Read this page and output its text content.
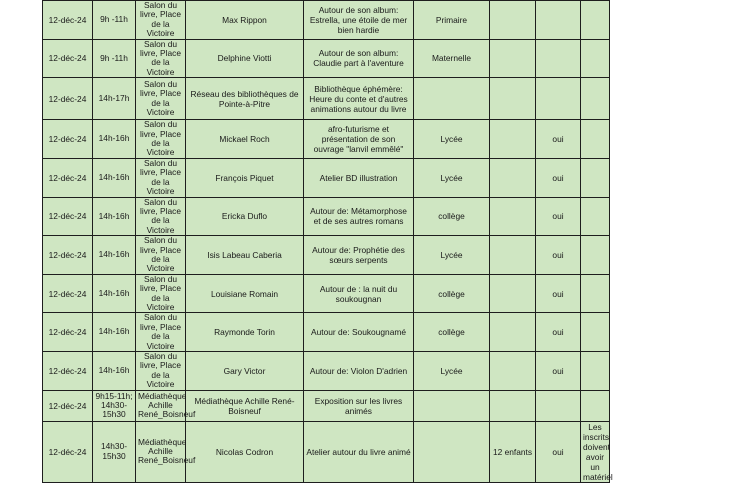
12-déc-24	9h -11h	Salon du livre, Place de la Victoire	Max Rippon	Autour de son album: Estrella, une étoile de mer bien hardie	Primaire			
12-déc-24	9h -11h	Salon du livre, Place de la Victoire	Delphine Viotti	Autour de son album: Claudie part à l'aventure	Maternelle			
12-déc-24	14h-17h	Salon du livre, Place de la Victoire	Réseau des bibliothèques de Pointe-à-Pitre	Bibliothèque éphémère: Heure du conte et d'autres animations autour du livre				
12-déc-24	14h-16h	Salon du livre, Place de la Victoire	Mickael Roch	afro-futurisme et présentation de son ouvrage "lanvil emmêlé"	Lycée		oui	
12-déc-24	14h-16h	Salon du livre, Place de la Victoire	François Piquet	Atelier BD illustration	Lycée		oui	
12-déc-24	14h-16h	Salon du livre, Place de la Victoire	Ericka Duflo	Autour de: Métamorphose et de ses autres romans	collège		oui	
12-déc-24	14h-16h	Salon du livre, Place de la Victoire	Isis Labeau Caberia	Autour de: Prophétie des sœurs serpents	Lycée		oui	
12-déc-24	14h-16h	Salon du livre, Place de la Victoire	Louisiane Romain	Autour de : la nuit du soukougnan	collège		oui	
12-déc-24	14h-16h	Salon du livre, Place de la Victoire	Raymonde Torin	Autour de: Soukougnamé	collège		oui	
12-déc-24	14h-16h	Salon du livre, Place de la Victoire	Gary Victor	Autour de: Violon D'adrien	Lycée		oui	
12-déc-24	9h15-11h; 14h30-15h30	Médiathèque Achille René_Boisneuf	Médiathèque Achille René-Boisneuf	Exposition sur les livres animés				
12-déc-24	14h30-15h30	Médiathèque Achille René_Boisneuf	Nicolas Codron	Atelier autour du livre animé		12 enfants	oui	Les inscrits doivent avoir un matériel
